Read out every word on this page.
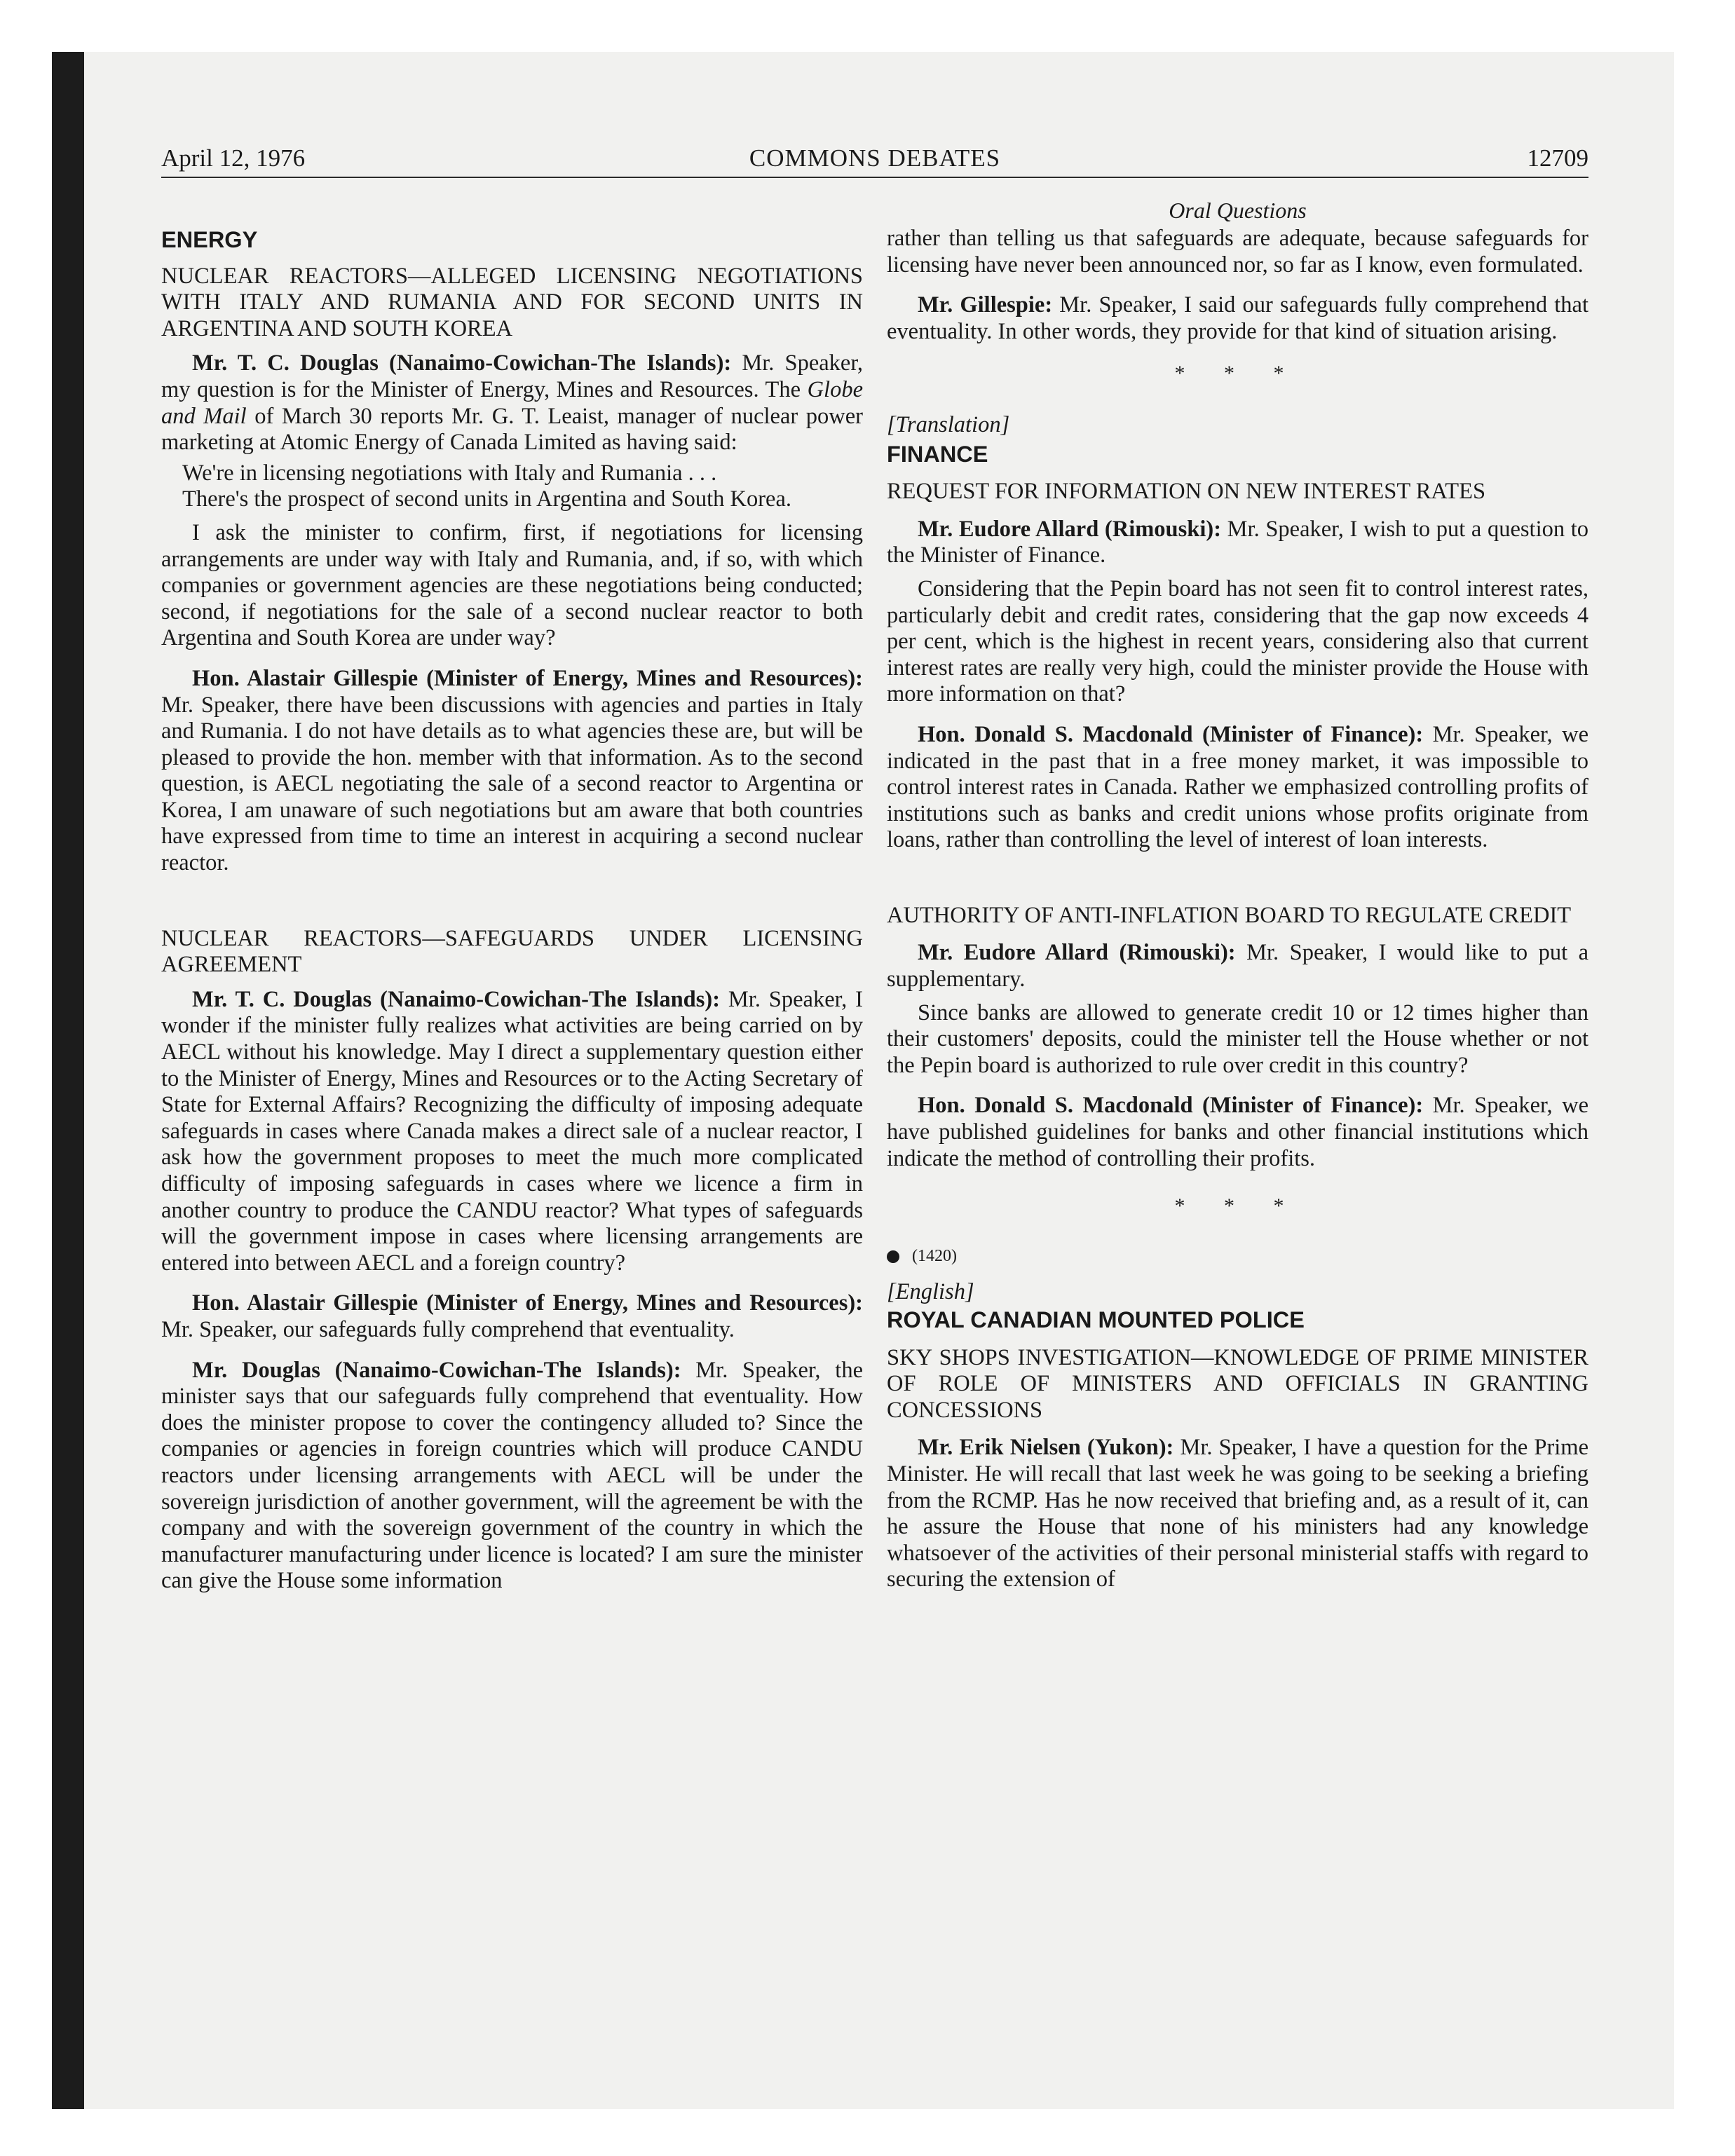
April 12, 1976	COMMONS DEBATES	12709

ENERGY

NUCLEAR REACTORS—ALLEGED LICENSING NEGOTIATIONS WITH ITALY AND RUMANIA AND FOR SECOND UNITS IN ARGENTINA AND SOUTH KOREA

Mr. T. C. Douglas (Nanaimo-Cowichan-The Islands): Mr. Speaker, my question is for the Minister of Energy, Mines and Resources. The Globe and Mail of March 30 reports Mr. G. T. Leaist, manager of nuclear power marketing at Atomic Energy of Canada Limited as having said:

We're in licensing negotiations with Italy and Rumania . . .

There's the prospect of second units in Argentina and South Korea.

I ask the minister to confirm, first, if negotiations for licensing arrangements are under way with Italy and Rumania, and, if so, with which companies or government agencies are these negotiations being conducted; second, if negotiations for the sale of a second nuclear reactor to both Argentina and South Korea are under way?

Hon. Alastair Gillespie (Minister of Energy, Mines and Resources): Mr. Speaker, there have been discussions with agencies and parties in Italy and Rumania. I do not have details as to what agencies these are, but will be pleased to provide the hon. member with that information. As to the second question, is AECL negotiating the sale of a second reactor to Argentina or Korea, I am unaware of such negotiations but am aware that both countries have expressed from time to time an interest in acquiring a second nuclear reactor.

NUCLEAR REACTORS—SAFEGUARDS UNDER LICENSING AGREEMENT

Mr. T. C. Douglas (Nanaimo-Cowichan-The Islands): Mr. Speaker, I wonder if the minister fully realizes what activities are being carried on by AECL without his knowledge. May I direct a supplementary question either to the Minister of Energy, Mines and Resources or to the Acting Secretary of State for External Affairs? Recognizing the difficulty of imposing adequate safeguards in cases where Canada makes a direct sale of a nuclear reactor, I ask how the government proposes to meet the much more complicated difficulty of imposing safeguards in cases where we licence a firm in another country to produce the CANDU reactor? What types of safeguards will the government impose in cases where licensing arrangements are entered into between AECL and a foreign country?

Hon. Alastair Gillespie (Minister of Energy, Mines and Resources): Mr. Speaker, our safeguards fully comprehend that eventuality.

Mr. Douglas (Nanaimo-Cowichan-The Islands): Mr. Speaker, the minister says that our safeguards fully comprehend that eventuality. How does the minister propose to cover the contingency alluded to? Since the companies or agencies in foreign countries which will produce CANDU reactors under licensing arrangements with AECL will be under the sovereign jurisdiction of another government, will the agreement be with the company and with the sovereign government of the country in which the manufacturer manufacturing under licence is located? I am sure the minister can give the House some information

Oral Questions

rather than telling us that safeguards are adequate, because safeguards for licensing have never been announced nor, so far as I know, even formulated.

Mr. Gillespie: Mr. Speaker, I said our safeguards fully comprehend that eventuality. In other words, they provide for that kind of situation arising.

* * *

[Translation]

FINANCE

REQUEST FOR INFORMATION ON NEW INTEREST RATES

Mr. Eudore Allard (Rimouski): Mr. Speaker, I wish to put a question to the Minister of Finance.

Considering that the Pepin board has not seen fit to control interest rates, particularly debit and credit rates, considering that the gap now exceeds 4 per cent, which is the highest in recent years, considering also that current interest rates are really very high, could the minister provide the House with more information on that?

Hon. Donald S. Macdonald (Minister of Finance): Mr. Speaker, we indicated in the past that in a free money market, it was impossible to control interest rates in Canada. Rather we emphasized controlling profits of institutions such as banks and credit unions whose profits originate from loans, rather than controlling the level of interest of loan interests.

AUTHORITY OF ANTI-INFLATION BOARD TO REGULATE CREDIT

Mr. Eudore Allard (Rimouski): Mr. Speaker, I would like to put a supplementary.

Since banks are allowed to generate credit 10 or 12 times higher than their customers' deposits, could the minister tell the House whether or not the Pepin board is authorized to rule over credit in this country?

Hon. Donald S. Macdonald (Minister of Finance): Mr. Speaker, we have published guidelines for banks and other financial institutions which indicate the method of controlling their profits.

* * *

(1420)

[English]

ROYAL CANADIAN MOUNTED POLICE

SKY SHOPS INVESTIGATION—KNOWLEDGE OF PRIME MINISTER OF ROLE OF MINISTERS AND OFFICIALS IN GRANTING CONCESSIONS

Mr. Erik Nielsen (Yukon): Mr. Speaker, I have a question for the Prime Minister. He will recall that last week he was going to be seeking a briefing from the RCMP. Has he now received that briefing and, as a result of it, can he assure the House that none of his ministers had any knowledge whatsoever of the activities of their personal ministerial staffs with regard to securing the extension of
